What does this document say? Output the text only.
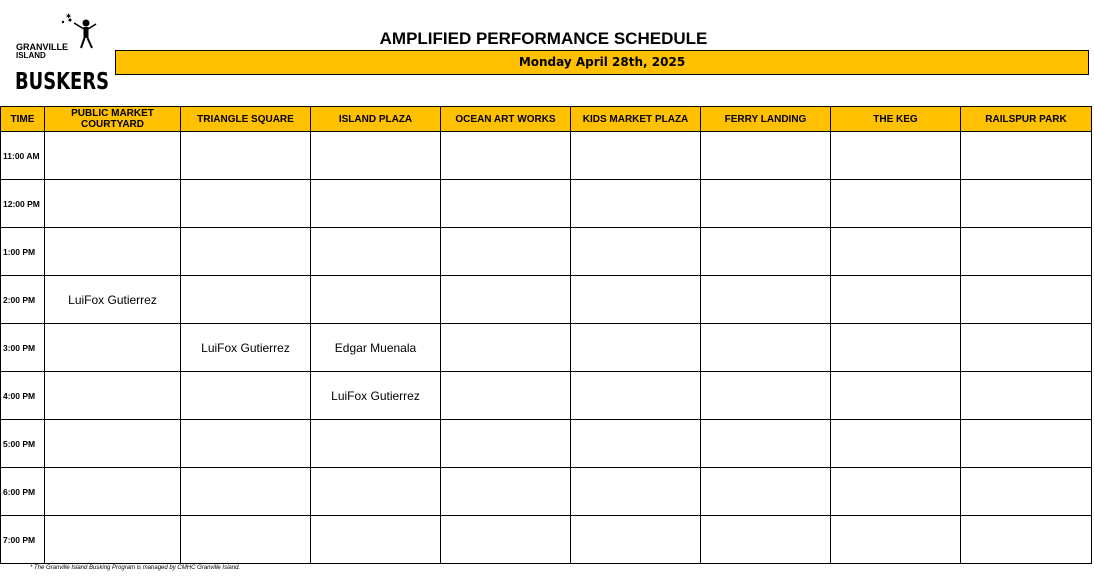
✱
GRANVILLE
ISLAND
BUSKERS
AMPLIFIED PERFORMANCE SCHEDULE
Monday April 28th, 2025
TIME	PUBLIC MARKET COURTYARD	TRIANGLE SQUARE	ISLAND PLAZA	OCEAN ART WORKS	KIDS MARKET PLAZA	FERRY LANDING	THE KEG	RAILSPUR PARK
11:00 AM								
12:00 PM								
1:00 PM								
2:00 PM	LuiFox Gutierrez							
3:00 PM		LuiFox Gutierrez	Edgar Muenala					
4:00 PM			LuiFox Gutierrez					
5:00 PM								
6:00 PM								
7:00 PM								
* The Granville Island Busking Program is managed by CMHC Granville Island.
